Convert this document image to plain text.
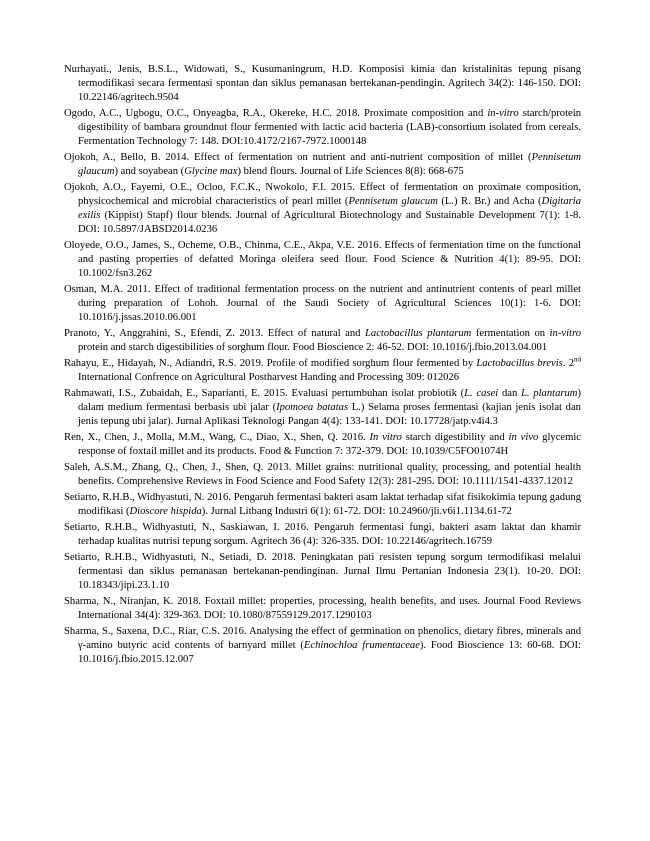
Nurhayati., Jenis, B.S.L., Widowati, S., Kusumaningrum, H.D. Komposisi kimia dan kristalinitas tepung pisang termodifikasi secara fermentasi spontan dan siklus pemanasan bertekanan-pendingin. Agritech 34(2): 146-150. DOI: 10.22146/agritech.9504

Ogodo, A.C., Ugbogu, O.C., Onyeagba, R.A., Okereke, H.C. 2018. Proximate composition and in-vitro starch/protein digestibility of bambara groundnut flour fermented with lactic acid bacteria (LAB)-consortium isolated from cereals. Fermentation Technology 7: 148. DOI:10.4172/2167-7972.1000148

Ojokoh, A., Bello, B. 2014. Effect of fermentation on nutrient and anti-nutrient composition of millet (Pennisetum glaucum) and soyabean (Glycine max) blend flours. Journal of Life Sciences 8(8): 668-675

Ojokoh, A.O., Fayemi, O.E., Ocloo, F.C.K., Nwokolo, F.I. 2015. Effect of fermentation on proximate composition, physicochemical and microbial characteristics of pearl millet (Pennisetum glaucum (L.) R. Br.) and Acha (Digitaria exilis (Kippist) Stapf) flour blends. Journal of Agricultural Biotechnology and Sustainable Development 7(1): 1-8. DOI: 10.5897/JABSD2014.0236

Oloyede, O.O., James, S., Ocheme, O.B., Chinma, C.E., Akpa, V.E. 2016. Effects of fermentation time on the functional and pasting properties of defatted Moringa oleifera seed flour. Food Science & Nutrition 4(1): 89-95. DOI: 10.1002/fsn3.262

Osman, M.A. 2011. Effect of traditional fermentation process on the nutrient and antinutrient contents of pearl millet during preparation of Lohoh. Journal of the Saudi Society of Agricultural Sciences 10(1): 1-6. DOI: 10.1016/j.jssas.2010.06.001

Pranoto, Y., Anggrahini, S., Efendi, Z. 2013. Effect of natural and Lactobacillus plantarum fermentation on in-vitro protein and starch digestibilities of sorghum flour. Food Bioscience 2: 46-52. DOI: 10.1016/j.fbio.2013.04.001

Rahayu, E., Hidayah, N., Adiandri, R.S. 2019. Profile of modified sorghum flour fermented by Lactobacillus brevis. 2nd International Confrence on Agricultural Postharvest Handing and Processing 309: 012026

Rahmawati, I.S., Zubaidah, E., Saparianti, E. 2015. Evaluasi pertumbuhan isolat probiotik (L. casei dan L. plantarum) dalam medium fermentasi berbasis ubi jalar (Ipomoea batatas L.) Selama proses fermentasi (kajian jenis isolat dan jenis tepung ubi jalar). Jurnal Aplikasi Teknologi Pangan 4(4): 133-141. DOI: 10.17728/jatp.v4i4.3

Ren, X., Chen, J., Molla, M.M., Wang, C., Diao, X., Shen, Q. 2016. In vitro starch digestibility and in vivo glycemic response of foxtail millet and its products. Food & Function 7: 372-379. DOI: 10.1039/C5FO01074H

Saleh, A.S.M., Zhang, Q., Chen, J., Shen, Q. 2013. Millet grains: nutritional quality, processing, and potential health benefits. Comprehensive Reviews in Food Science and Food Safety 12(3): 281-295. DOI: 10.1111/1541-4337.12012

Setiarto, R.H.B., Widhyastuti, N. 2016. Pengaruh fermentasi bakteri asam laktat terhadap sifat fisikokimia tepung gadung modifikasi (Dioscore hispida). Jurnal Litbang Industri 6(1): 61-72. DOI: 10.24960/jli.v6i1.1134.61-72

Setiarto, R.H.B., Widhyastuti, N., Saskiawan, I. 2016. Pengaruh fermentasi fungi, bakteri asam laktat dan khamir terhadap kualitas nutrisi tepung sorgum. Agritech 36 (4): 326-335. DOI: 10.22146/agritech.16759

Setiarto, R.H.B., Widhyastuti, N., Setiadi, D. 2018. Peningkatan pati resisten tepung sorgum termodifikasi melalui fermentasi dan siklus pemanasan bertekanan-pendinginan. Jurnal Ilmu Pertanian Indonesia 23(1). 10-20. DOI: 10.18343/jipi.23.1.10

Sharma, N., Niranjan, K. 2018. Foxtail millet: properties, processing, health benefits, and uses. Journal Food Reviews International 34(4): 329-363. DOI: 10.1080/87559129.2017.1290103

Sharma, S., Saxena, D.C., Riar, C.S. 2016. Analysing the effect of germination on phenolics, dietary fibres, minerals and γ-amino butyric acid contents of barnyard millet (Echinochloa frumentaceae). Food Bioscience 13: 60-68. DOI: 10.1016/j.fbio.2015.12.007
